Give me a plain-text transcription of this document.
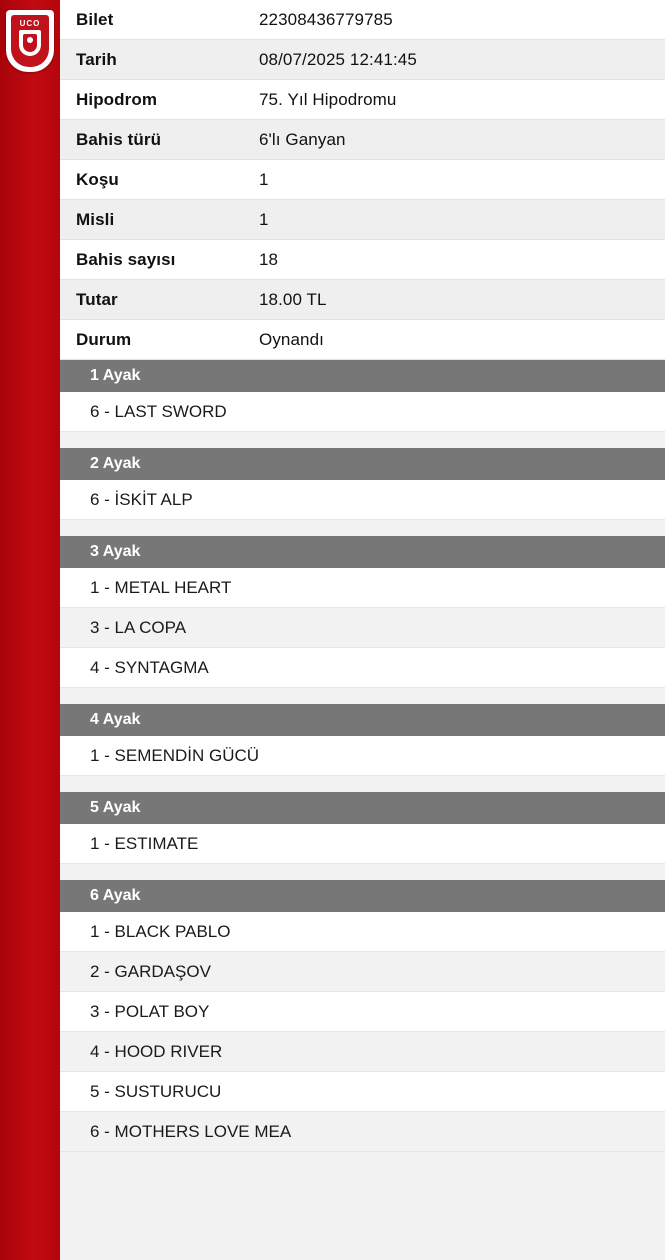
UCO Bilet	22308436779785
Tarih	08/07/2025 12:41:45
Hipodrom	75. Yıl Hipodromu
Bahis türü	6'lı Ganyan
Koşu	1
Misli	1
Bahis sayısı	18
Tutar	18.00 TL
Durum	Oynandı
1 Ayak
6 - LAST SWORD
2 Ayak
6 - İSKİT ALP
3 Ayak
1 - METAL HEART
3 - LA COPA
4 - SYNTAGMA
4 Ayak
1 - SEMENDİN GÜCÜ
5 Ayak
1 - ESTIMATE
6 Ayak
1 - BLACK PABLO
2 - GARDAŞOV
3 - POLAT BOY
4 - HOOD RIVER
5 - SUSTURUCU
6 - MOTHERS LOVE MEA
